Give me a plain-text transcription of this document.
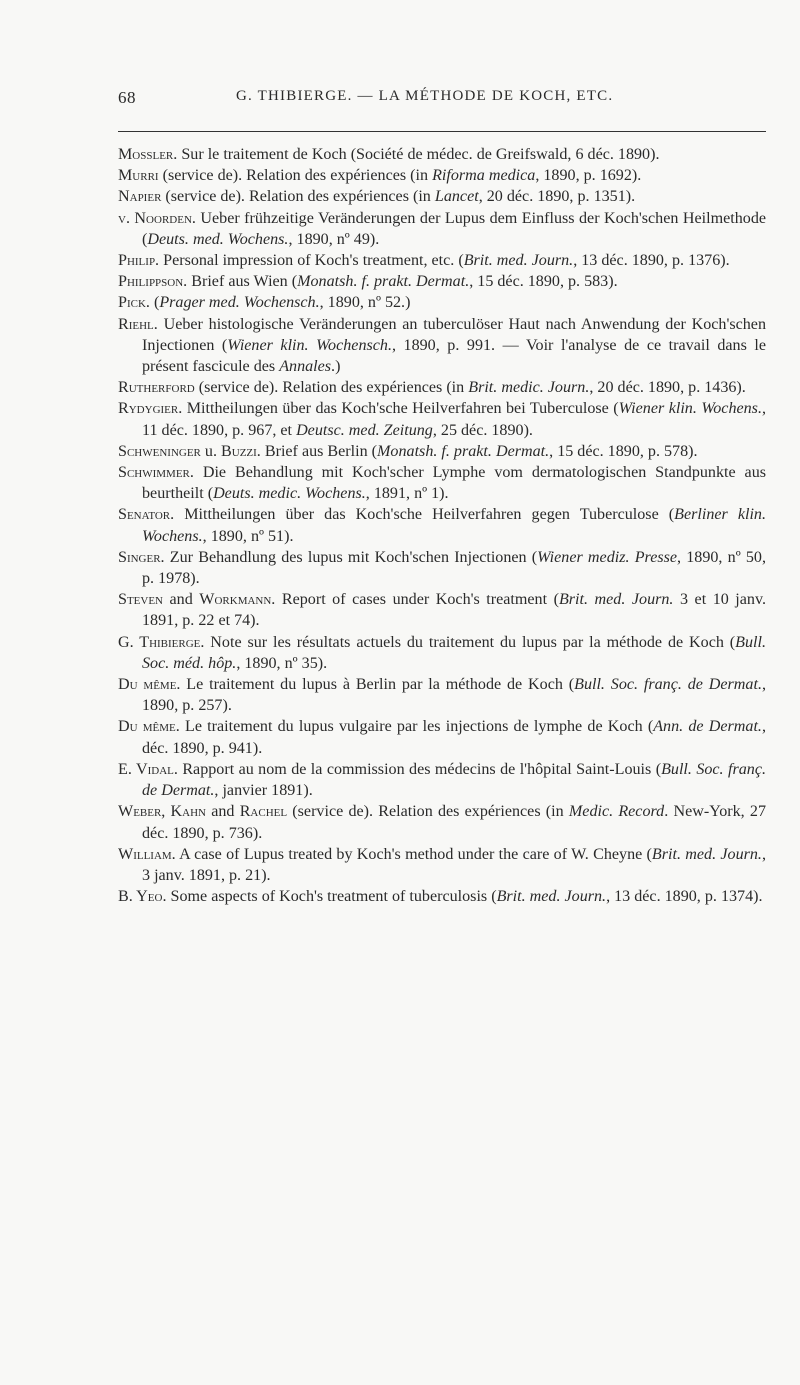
68	G. THIBIERGE. — LA MÉTHODE DE KOCH, ETC.

Mossler. Sur le traitement de Koch (Société de médec. de Greifswald, 6 déc. 1890).

Murri (service de). Relation des expériences (in Riforma medica, 1890, p. 1692).

Napier (service de). Relation des expériences (in Lancet, 20 déc. 1890, p. 1351).

v. Noorden. Ueber frühzeitige Veränderungen der Lupus dem Einfluss der Koch'schen Heilmethode (Deuts. med. Wochens., 1890, nº 49).

Philip. Personal impression of Koch's treatment, etc. (Brit. med. Journ., 13 déc. 1890, p. 1376).

Philippson. Brief aus Wien (Monatsh. f. prakt. Dermat., 15 déc. 1890, p. 583).

Pick. (Prager med. Wochensch., 1890, nº 52.)

Riehl. Ueber histologische Veränderungen an tuberculöser Haut nach Anwendung der Koch'schen Injectionen (Wiener klin. Wochensch., 1890, p. 991. — Voir l'analyse de ce travail dans le présent fascicule des Annales.)

Rutherford (service de). Relation des expériences (in Brit. medic. Journ., 20 déc. 1890, p. 1436).

Rydygier. Mittheilungen über das Koch'sche Heilverfahren bei Tuberculose (Wiener klin. Wochens., 11 déc. 1890, p. 967, et Deutsc. med. Zeitung, 25 déc. 1890).

Schweninger u. Buzzi. Brief aus Berlin (Monatsh. f. prakt. Dermat., 15 déc. 1890, p. 578).

Schwimmer. Die Behandlung mit Koch'scher Lymphe vom dermatologischen Standpunkte aus beurtheilt (Deuts. medic. Wochens., 1891, nº 1).

Senator. Mittheilungen über das Koch'sche Heilverfahren gegen Tuberculose (Berliner klin. Wochens., 1890, nº 51).

Singer. Zur Behandlung des lupus mit Koch'schen Injectionen (Wiener mediz. Presse, 1890, nº 50, p. 1978).

Steven and Workmann. Report of cases under Koch's treatment (Brit. med. Journ. 3 et 10 janv. 1891, p. 22 et 74).

G. Thibierge. Note sur les résultats actuels du traitement du lupus par la méthode de Koch (Bull. Soc. méd. hôp., 1890, nº 35).

Du même. Le traitement du lupus à Berlin par la méthode de Koch (Bull. Soc. franç. de Dermat., 1890, p. 257).

Du même. Le traitement du lupus vulgaire par les injections de lymphe de Koch (Ann. de Dermat., déc. 1890, p. 941).

E. Vidal. Rapport au nom de la commission des médecins de l'hôpital Saint-Louis (Bull. Soc. franç. de Dermat., janvier 1891).

Weber, Kahn and Rachel (service de). Relation des expériences (in Medic. Record. New-York, 27 déc. 1890, p. 736).

William. A case of Lupus treated by Koch's method under the care of W. Cheyne (Brit. med. Journ., 3 janv. 1891, p. 21).

B. Yeo. Some aspects of Koch's treatment of tuberculosis (Brit. med. Journ., 13 déc. 1890, p. 1374).
